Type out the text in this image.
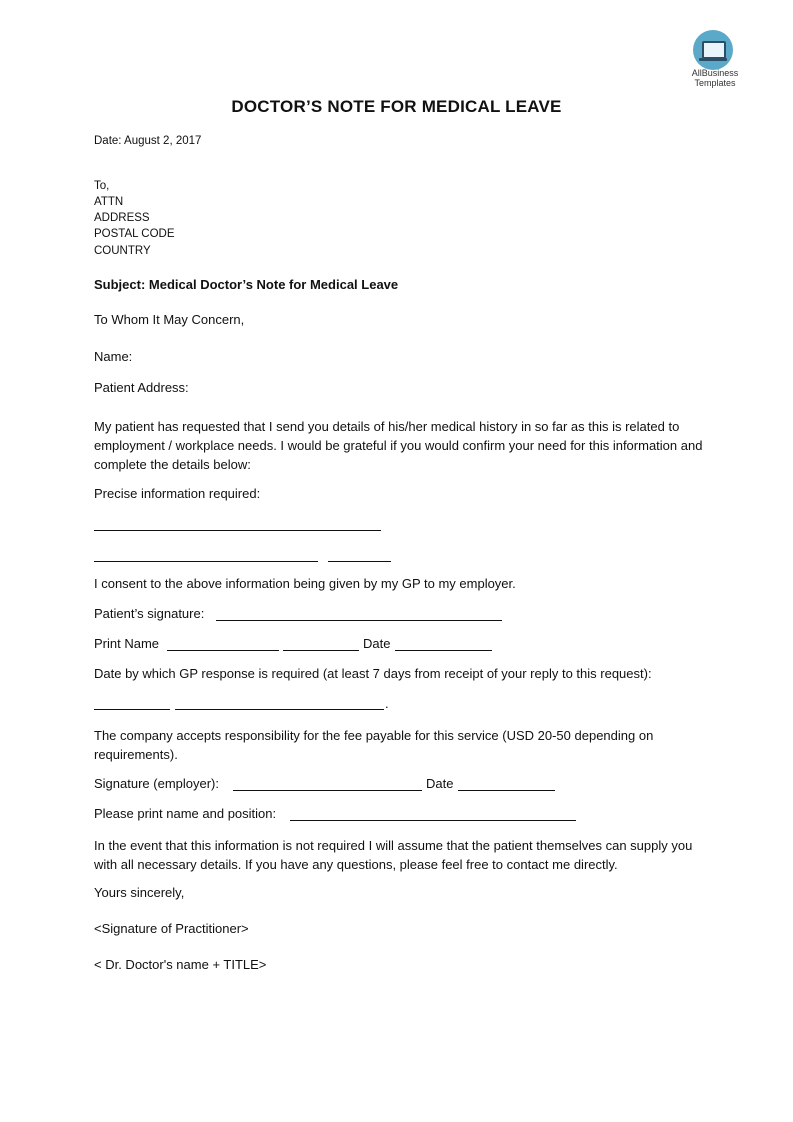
AllBusiness
Templates
DOCTOR’S NOTE FOR MEDICAL LEAVE
Date: August 2, 2017
To,
ATTN
ADDRESS
POSTAL CODE
COUNTRY
Subject: Medical Doctor’s Note for Medical Leave
To Whom It May Concern,
Name:
Patient Address:
My patient has requested that I send you details of his/her medical history in so far as this is related to employment / workplace needs. I would be grateful if you would confirm your need for this information and complete the details below:
Precise information required:
I consent to the above information being given by my GP to my employer.
Patient’s signature:
Print Name	Date
Date by which GP response is required (at least 7 days from receipt of your reply to this request):
.
The company accepts responsibility for the fee payable for this service (USD 20-50 depending on requirements).
Signature (employer):	Date
Please print name and position:
In the event that this information is not required I will assume that the patient themselves can supply you with all necessary details. If you have any questions, please feel free to contact me directly.
Yours sincerely,
<Signature of Practitioner>
< Dr. Doctor's name + TITLE>
